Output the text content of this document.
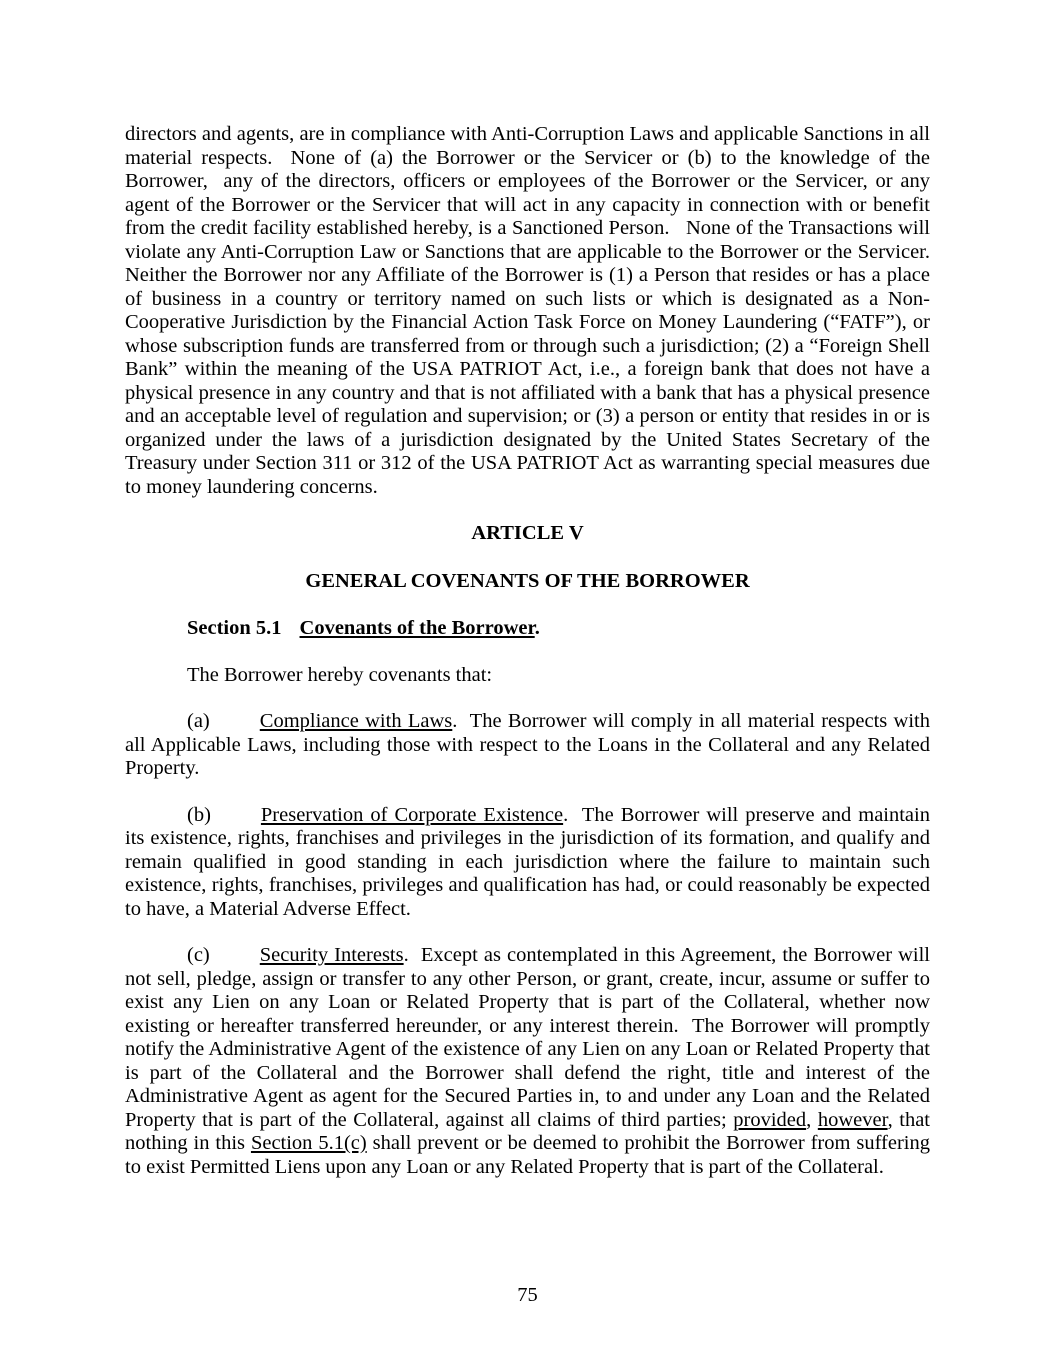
directors and agents, are in compliance with Anti-Corruption Laws and applicable Sanctions in all material respects.  None of (a) the Borrower or the Servicer or (b) to the knowledge of the Borrower,  any of the directors, officers or employees of the Borrower or the Servicer, or any agent of the Borrower or the Servicer that will act in any capacity in connection with or benefit from the credit facility established hereby, is a Sanctioned Person.   None of the Transactions will violate any Anti-Corruption Law or Sanctions that are applicable to the Borrower or the Servicer. Neither the Borrower nor any Affiliate of the Borrower is (1) a Person that resides or has a place of business in a country or territory named on such lists or which is designated as a Non-Cooperative Jurisdiction by the Financial Action Task Force on Money Laundering (“FATF”), or whose subscription funds are transferred from or through such a jurisdiction; (2) a “Foreign Shell Bank” within the meaning of the USA PATRIOT Act, i.e., a foreign bank that does not have a physical presence in any country and that is not affiliated with a bank that has a physical presence and an acceptable level of regulation and supervision; or (3) a person or entity that resides in or is organized under the laws of a jurisdiction designated by the United States Secretary of the Treasury under Section 311 or 312 of the USA PATRIOT Act as warranting special measures due to money laundering concerns.

ARTICLE V

GENERAL COVENANTS OF THE BORROWER

Section 5.1 Covenants of the Borrower.

The Borrower hereby covenants that:

(a) Compliance with Laws.  The Borrower will comply in all material respects with all Applicable Laws, including those with respect to the Loans in the Collateral and any Related Property.

(b) Preservation of Corporate Existence.  The Borrower will preserve and maintain its existence, rights, franchises and privileges in the jurisdiction of its formation, and qualify and remain qualified in good standing in each jurisdiction where the failure to maintain such existence, rights, franchises, privileges and qualification has had, or could reasonably be expected to have, a Material Adverse Effect.

(c) Security Interests.  Except as contemplated in this Agreement, the Borrower will not sell, pledge, assign or transfer to any other Person, or grant, create, incur, assume or suffer to exist any Lien on any Loan or Related Property that is part of the Collateral, whether now existing or hereafter transferred hereunder, or any interest therein.  The Borrower will promptly notify the Administrative Agent of the existence of any Lien on any Loan or Related Property that is part of the Collateral and the Borrower shall defend the right, title and interest of the Administrative Agent as agent for the Secured Parties in, to and under any Loan and the Related Property that is part of the Collateral, against all claims of third parties; provided, however, that nothing in this Section 5.1(c) shall prevent or be deemed to prohibit the Borrower from suffering to exist Permitted Liens upon any Loan or any Related Property that is part of the Collateral.

75
